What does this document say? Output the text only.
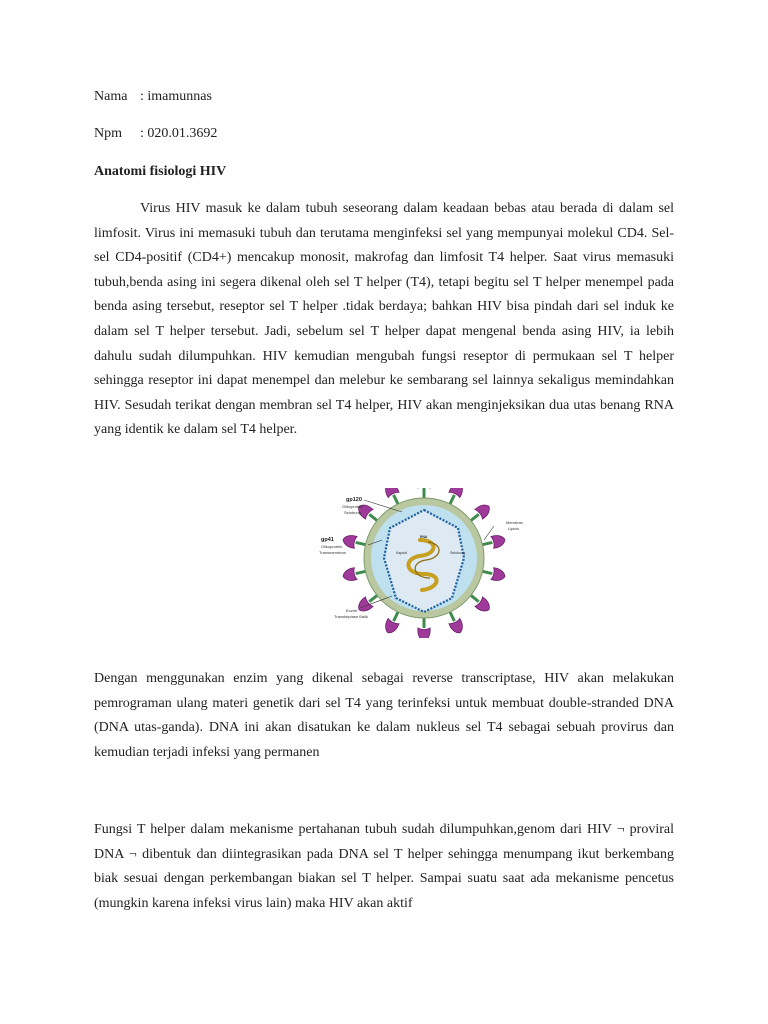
Nama : imamunnas
Npm : 020.01.3692
Anatomi fisiologi HIV

Virus HIV masuk ke dalam tubuh seseorang dalam keadaan bebas atau berada di dalam sel limfosit. Virus ini memasuki tubuh dan terutama menginfeksi sel yang mempunyai molekul CD4. Sel-sel CD4-positif (CD4+) mencakup monosit, makrofag dan limfosit T4 helper. Saat virus memasuki tubuh,benda asing ini segera dikenal oleh sel T helper (T4), tetapi begitu sel T helper menempel pada benda asing tersebut, reseptor sel T helper .tidak berdaya; bahkan HIV bisa pindah dari sel induk ke dalam sel T helper tersebut. Jadi, sebelum sel T helper dapat mengenal benda asing HIV, ia lebih dahulu sudah dilumpuhkan. HIV kemudian mengubah fungsi reseptor di permukaan sel T helper sehingga reseptor ini dapat menempel dan melebur ke sembarang sel lainnya sekaligus memindahkan HIV. Sesudah terikat dengan membran sel T4 helper, HIV akan menginjeksikan dua utas benang RNA yang identik ke dalam sel T4 helper.

gp120
Glikoprotein
Selubung
gp41
Glikoprotein
Transmembran
Membran
Lipida
Kapsid
RNA
Selubung
Enzim
Transkriptase Balik

Dengan menggunakan enzim yang dikenal sebagai reverse transcriptase, HIV akan melakukan pemrograman ulang materi genetik dari sel T4 yang terinfeksi untuk membuat double-stranded DNA (DNA utas-ganda). DNA ini akan disatukan ke dalam nukleus sel T4 sebagai sebuah provirus dan kemudian terjadi infeksi yang permanen

Fungsi T helper dalam mekanisme pertahanan tubuh sudah dilumpuhkan,genom dari HIV ¬ proviral DNA ¬ dibentuk dan diintegrasikan pada DNA sel T helper sehingga menumpang ikut berkembang biak sesuai dengan perkembangan biakan sel T helper. Sampai suatu saat ada mekanisme pencetus (mungkin karena infeksi virus lain) maka HIV akan aktif
